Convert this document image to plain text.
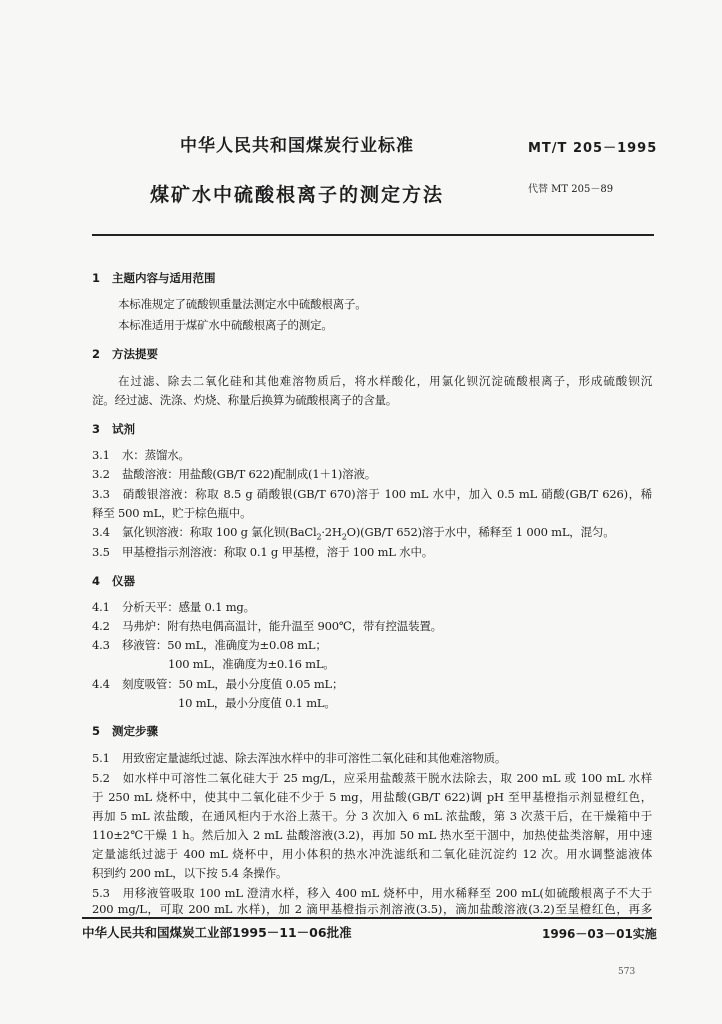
中华人民共和国煤炭行业标准	MT/T 205－1995
煤矿水中硫酸根离子的测定方法	代替 MT 205－89
1 主题内容与适用范围
本标准规定了硫酸钡重量法测定水中硫酸根离子。
本标准适用于煤矿水中硫酸根离子的测定。
2 方法提要
在过滤、除去二氧化硅和其他难溶物质后，将水样酸化，用氯化钡沉淀硫酸根离子，形成硫酸钡沉
淀。经过滤、洗涤、灼烧、称量后换算为硫酸根离子的含量。
3 试剂
3.1 水：蒸馏水。
3.2 盐酸溶液：用盐酸(GB/T 622)配制成(1＋1)溶液。
3.3 硝酸银溶液：称取 8.5 g 硝酸银(GB/T 670)溶于 100 mL 水中，加入 0.5 mL 硝酸(GB/T 626)，稀
释至 500 mL，贮于棕色瓶中。
3.4 氯化钡溶液：称取 100 g 氯化钡$(BaCl_2\cdot 2H_2O)(GB/T$ 652)溶于水中，稀释至 1 000 mL，混匀。
3.5 甲基橙指示剂溶液：称取 0.1 g 甲基橙，溶于 100 mL 水中。
4 仪器
4.1 分析天平：感量 0.1 mg。
4.2 马弗炉：附有热电偶高温计，能升温至 900℃，带有控温装置。
4.3 移液管：50 mL，准确度为±0.08 mL；
100 mL，准确度为±0.16 mL。
4.4 刻度吸管：50 mL，最小分度值 0.05 mL；
10 mL，最小分度值 0.1 mL。
5 测定步骤
5.1 用致密定量滤纸过滤、除去浑浊水样中的非可溶性二氧化硅和其他难溶物质。
5.2 如水样中可溶性二氧化硅大于 25 mg/L，应采用盐酸蒸干脱水法除去，取 200 mL 或 100 mL 水样
于 250 mL 烧杯中，使其中二氧化硅不少于 5 mg，用盐酸(GB/T 622)调 pH 至甲基橙指示剂显橙红色，
再加 5 mL 浓盐酸，在通风柜内于水浴上蒸干。分 3 次加入 6 mL 浓盐酸，第 3 次蒸干后，在干燥箱中于
110±2℃干燥 1 h。然后加入 2 mL 盐酸溶液(3.2)，再加 50 mL 热水至干涸中，加热使盐类溶解，用中速
定量滤纸过滤于 400 mL 烧杯中，用小体积的热水冲洗滤纸和二氧化硅沉淀约 12 次。用水调整滤液体
积到约 200 mL，以下按 5.4 条操作。
5.3 用移液管吸取 100 mL 澄清水样，移入 400 mL 烧杯中，用水稀释至 200 mL(如硫酸根离子不大于
200 mg/L，可取 200 mL 水样)，加 2 滴甲基橙指示剂溶液(3.5)，滴加盐酸溶液(3.2)至呈橙红色，再多
中华人民共和国煤炭工业部1995－11－06批准	1996－03－01实施
573
